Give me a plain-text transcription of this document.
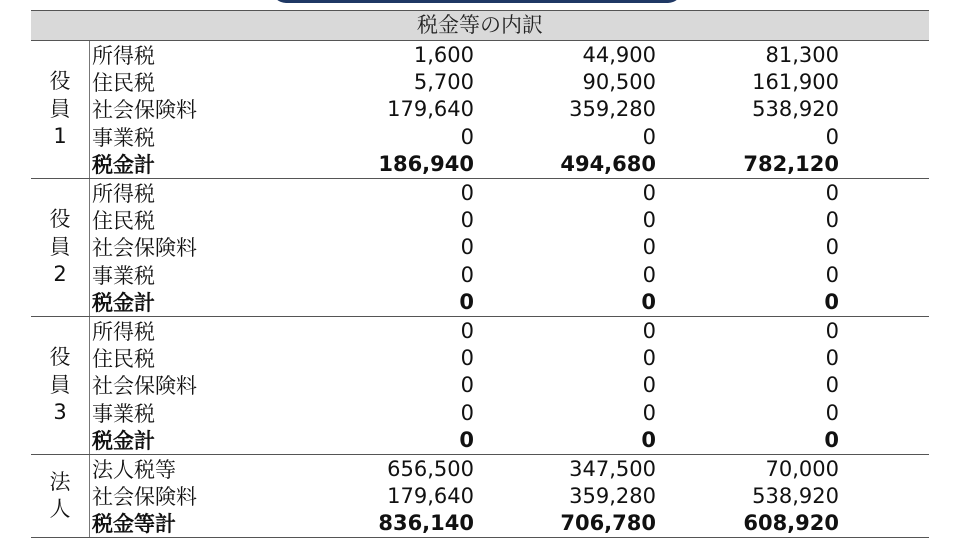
税金等の内訳
役
員
1
所得税	1,600	44,900	81,300
住民税	5,700	90,500	161,900
社会保険料	179,640	359,280	538,920
事業税	0	0	0
税金計	186,940	494,680	782,120
役
員
2
所得税	0	0	0
住民税	0	0	0
社会保険料	0	0	0
事業税	0	0	0
税金計	0	0	0
役
員
3
所得税	0	0	0
住民税	0	0	0
社会保険料	0	0	0
事業税	0	0	0
税金計	0	0	0
法
人
法人税等	656,500	347,500	70,000
社会保険料	179,640	359,280	538,920
税金等計	836,140	706,780	608,920
